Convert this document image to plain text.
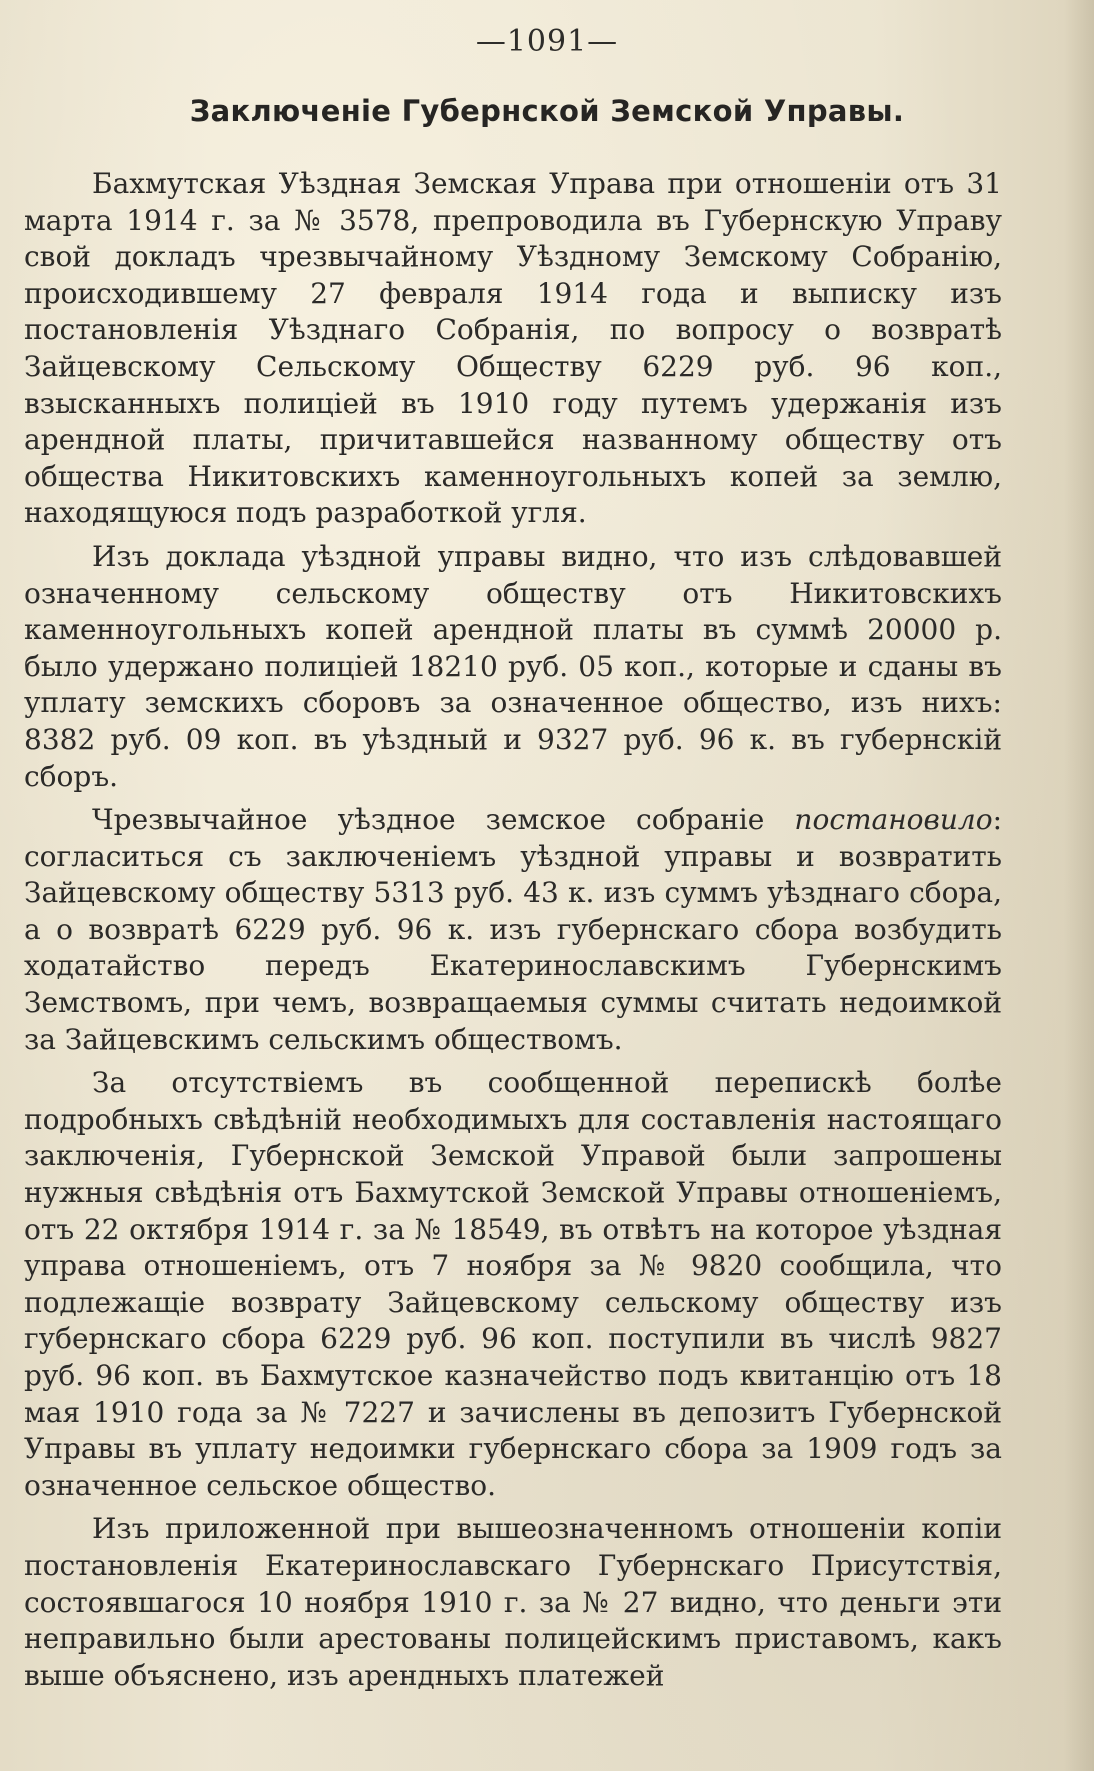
—1091—
Заключенiе Губернской Земской Управы.

Бахмутская Уѣздная Земская Управа при отношенiи отъ 31 марта 1914 г. за № 3578, препроводила въ Губернскую Управу свой докладъ чрезвычайному Уѣздному Земскому Собранiю, происходившему 27 февраля 1914 года и выписку изъ постановленiя Уѣзднаго Собранiя, по вопросу о возвратѣ Зайцевскому Сельскому Обществу 6229 руб. 96 коп., взысканныхъ полицiей въ 1910 году путемъ удержанiя изъ арендной платы, причитавшейся названному обществу отъ общества Никитовскихъ каменноугольныхъ копей за землю, находящуюся подъ разработкой угля.

Изъ доклада уѣздной управы видно, что изъ слѣдовавшей означенному сельскому обществу отъ Никитовскихъ каменноугольныхъ копей арендной платы въ суммѣ 20000 р. было удержано полицiей 18210 руб. 05 коп., которые и сданы въ уплату земскихъ сборовъ за означенное общество, изъ нихъ: 8382 руб. 09 коп. въ уѣздный и 9327 руб. 96 к. въ губернскiй сборъ.

Чрезвычайное уѣздное земское собранiе постановило: согласиться съ заключенiемъ уѣздной управы и возвратить Зайцевскому обществу 5313 руб. 43 к. изъ суммъ уѣзднаго сбора, а о возвратѣ 6229 руб. 96 к. изъ губернскаго сбора возбудить ходатайство передъ Екатеринославскимъ Губернскимъ Земствомъ, при чемъ, возвращаемыя суммы считать недоимкой за Зайцевскимъ сельскимъ обществомъ.

За отсутствiемъ въ сообщенной перепискѣ болѣе подробныхъ свѣдѣнiй необходимыхъ для составленiя настоящаго заключенiя, Губернской Земской Управой были запрошены нужныя свѣдѣнiя отъ Бахмутской Земской Управы отношенiемъ, отъ 22 октября 1914 г. за № 18549, въ отвѣтъ на которое уѣздная управа отношенiемъ, отъ 7 ноября за № 9820 сообщила, что подлежащiе возврату Зайцевскому сельскому обществу изъ губернскаго сбора 6229 руб. 96 коп. поступили въ числѣ 9827 руб. 96 коп. въ Бахмутское казначейство подъ квитанцiю отъ 18 мая 1910 года за № 7227 и зачислены въ депозитъ Губернской Управы въ уплату недоимки губернскаго сбора за 1909 годъ за означенное сельское общество.

Изъ приложенной при вышеозначенномъ отношенiи копiи постановленiя Екатеринославскаго Губернскаго Присутствiя, состоявшагося 10 ноября 1910 г. за № 27 видно, что деньги эти неправильно были арестованы полицейскимъ приставомъ, какъ выше объяснено, изъ арендныхъ платежей
